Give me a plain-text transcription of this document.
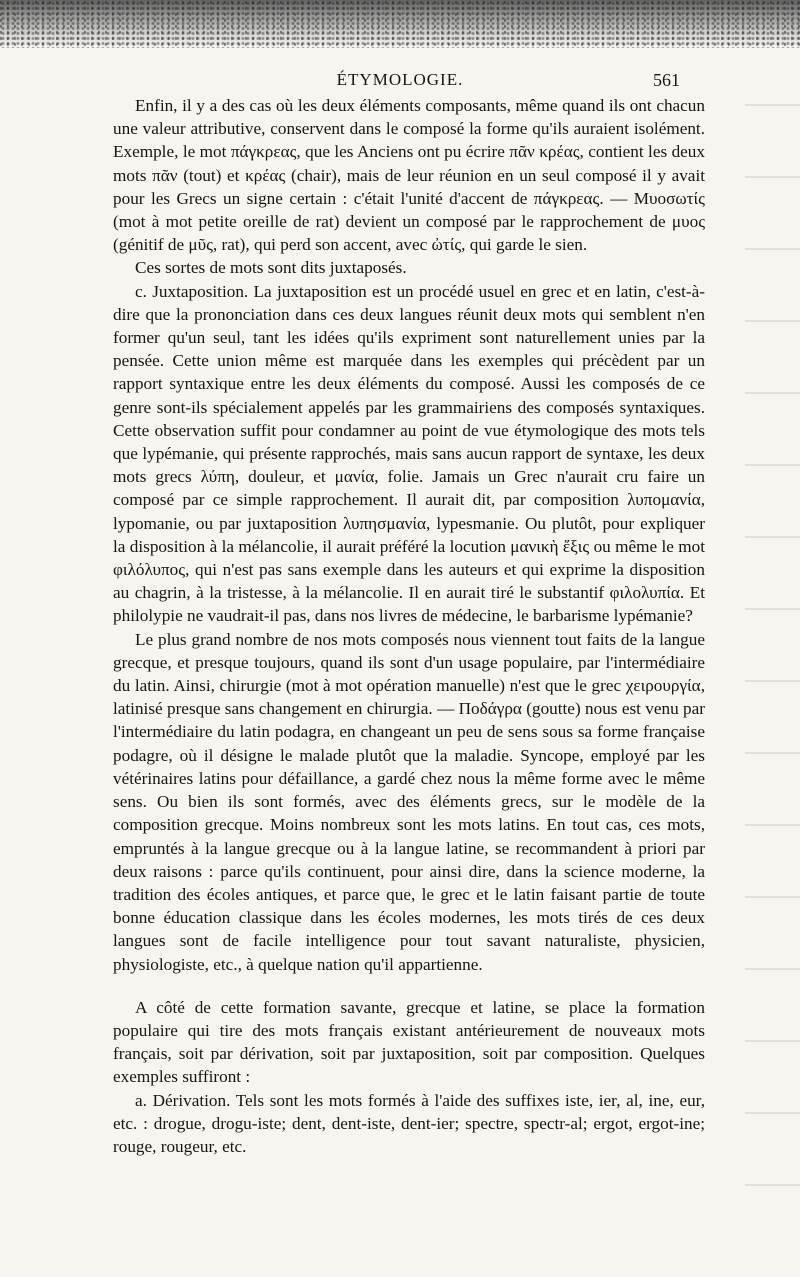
ÉTYMOLOGIE.	561

Enfin, il y a des cas où les deux éléments composants, même quand ils ont chacun une valeur attributive, conservent dans le composé la forme qu'ils auraient isolément. Exemple, le mot πάγκρεας, que les Anciens ont pu écrire πᾶν κρέας, contient les deux mots πᾶν (tout) et κρέας (chair), mais de leur réunion en un seul composé il y avait pour les Grecs un signe certain : c'était l'unité d'accent de πάγκρεας. — Μυοσωτίς (mot à mot petite oreille de rat) devient un composé par le rapprochement de μυος (génitif de μῦς, rat), qui perd son accent, avec ὠτίς, qui garde le sien.

Ces sortes de mots sont dits juxtaposés.

c. Juxtaposition. La juxtaposition est un procédé usuel en grec et en latin, c'est-à-dire que la prononciation dans ces deux langues réunit deux mots qui semblent n'en former qu'un seul, tant les idées qu'ils expriment sont naturellement unies par la pensée. Cette union même est marquée dans les exemples qui précèdent par un rapport syntaxique entre les deux éléments du composé. Aussi les composés de ce genre sont-ils spécialement appelés par les grammairiens des composés syntaxiques. Cette observation suffit pour condamner au point de vue étymologique des mots tels que lypémanie, qui présente rapprochés, mais sans aucun rapport de syntaxe, les deux mots grecs λύπη, douleur, et μανία, folie. Jamais un Grec n'aurait cru faire un composé par ce simple rapprochement. Il aurait dit, par composition λυπομανία, lypomanie, ou par juxtaposition λυπησμανία, lypesmanie. Ou plutôt, pour expliquer la disposition à la mélancolie, il aurait préféré la locution μανικὴ ἕξις ou même le mot φιλόλυπος, qui n'est pas sans exemple dans les auteurs et qui exprime la disposition au chagrin, à la tristesse, à la mélancolie. Il en aurait tiré le substantif φιλολυπία. Et philolypie ne vaudrait-il pas, dans nos livres de médecine, le barbarisme lypémanie?

Le plus grand nombre de nos mots composés nous viennent tout faits de la langue grecque, et presque toujours, quand ils sont d'un usage populaire, par l'intermédiaire du latin. Ainsi, chirurgie (mot à mot opération manuelle) n'est que le grec χειρουργία, latinisé presque sans changement en chirurgia. — Ποδάγρα (goutte) nous est venu par l'intermédiaire du latin podagra, en changeant un peu de sens sous sa forme française podagre, où il désigne le malade plutôt que la maladie. Syncope, employé par les vétérinaires latins pour défaillance, a gardé chez nous la même forme avec le même sens. Ou bien ils sont formés, avec des éléments grecs, sur le modèle de la composition grecque. Moins nombreux sont les mots latins. En tout cas, ces mots, empruntés à la langue grecque ou à la langue latine, se recommandent à priori par deux raisons : parce qu'ils continuent, pour ainsi dire, dans la science moderne, la tradition des écoles antiques, et parce que, le grec et le latin faisant partie de toute bonne éducation classique dans les écoles modernes, les mots tirés de ces deux langues sont de facile intelligence pour tout savant naturaliste, physicien, physiologiste, etc., à quelque nation qu'il appartienne.

A côté de cette formation savante, grecque et latine, se place la formation populaire qui tire des mots français existant antérieurement de nouveaux mots français, soit par dérivation, soit par juxtaposition, soit par composition. Quelques exemples suffiront :

a. Dérivation. Tels sont les mots formés à l'aide des suffixes iste, ier, al, ine, eur, etc. : drogue, drogu-iste; dent, dent-iste, dent-ier; spectre, spectr-al; ergot, ergot-ine; rouge, rougeur, etc.
